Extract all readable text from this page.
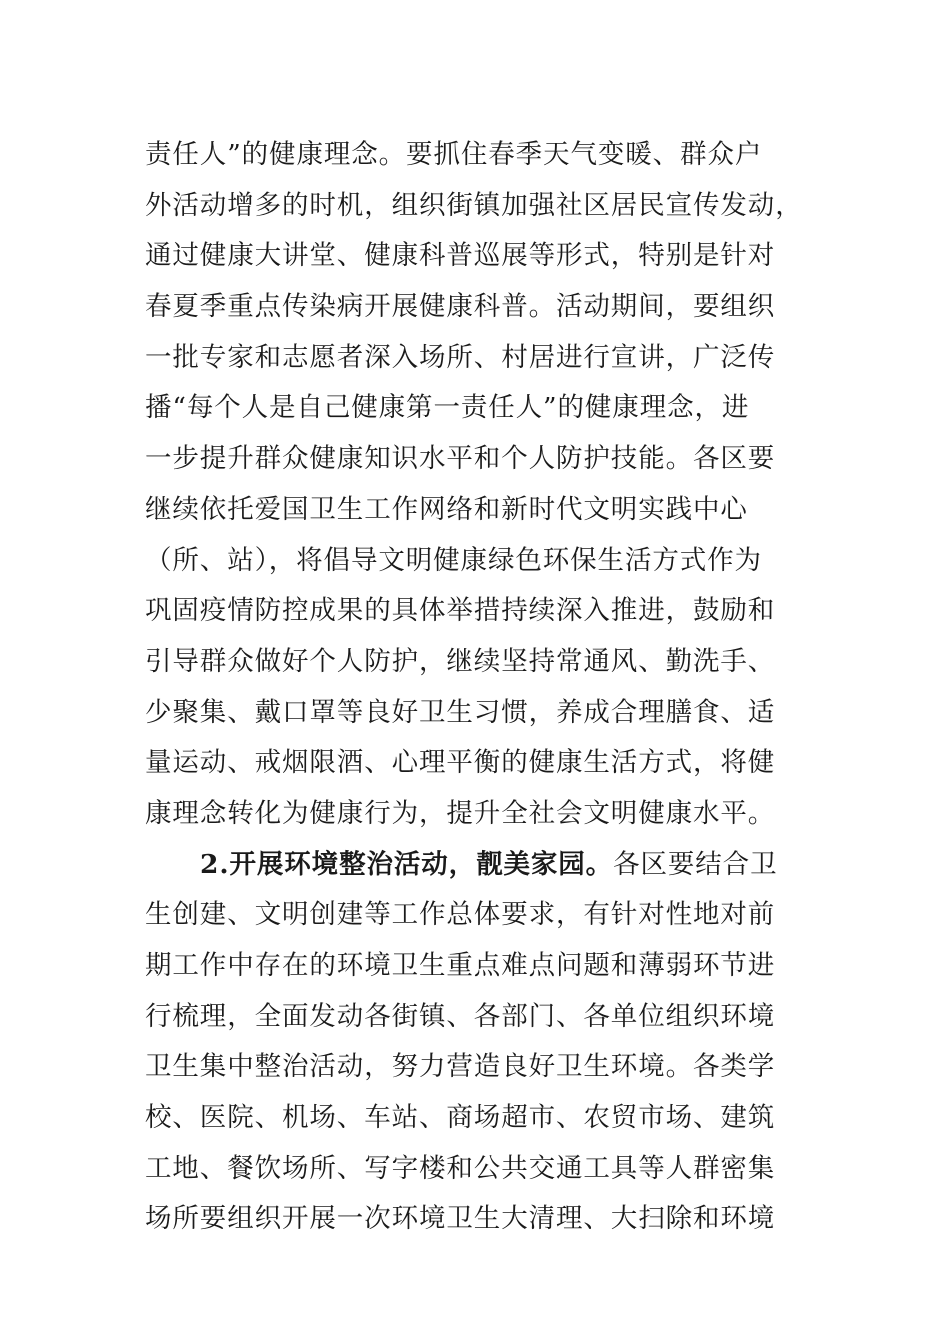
责任人”的健康理念。要抓住春季天气变暖、群众户
外活动增多的时机，组织街镇加强社区居民宣传发动，
通过健康大讲堂、健康科普巡展等形式，特别是针对
春夏季重点传染病开展健康科普。活动期间，要组织
一批专家和志愿者深入场所、村居进行宣讲，广泛传
播“每个人是自己健康第一责任人”的健康理念，进
一步提升群众健康知识水平和个人防护技能。各区要
继续依托爱国卫生工作网络和新时代文明实践中心
（所、站），将倡导文明健康绿色环保生活方式作为
巩固疫情防控成果的具体举措持续深入推进，鼓励和
引导群众做好个人防护，继续坚持常通风、勤洗手、
少聚集、戴口罩等良好卫生习惯，养成合理膳食、适
量运动、戒烟限酒、心理平衡的健康生活方式，将健
康理念转化为健康行为，提升全社会文明健康水平。
2.开展环境整治活动，靓美家园。各区要结合卫
生创建、文明创建等工作总体要求，有针对性地对前
期工作中存在的环境卫生重点难点问题和薄弱环节进
行梳理，全面发动各街镇、各部门、各单位组织环境
卫生集中整治活动，努力营造良好卫生环境。各类学
校、医院、机场、车站、商场超市、农贸市场、建筑
工地、餐饮场所、写字楼和公共交通工具等人群密集
场所要组织开展一次环境卫生大清理、大扫除和环境
